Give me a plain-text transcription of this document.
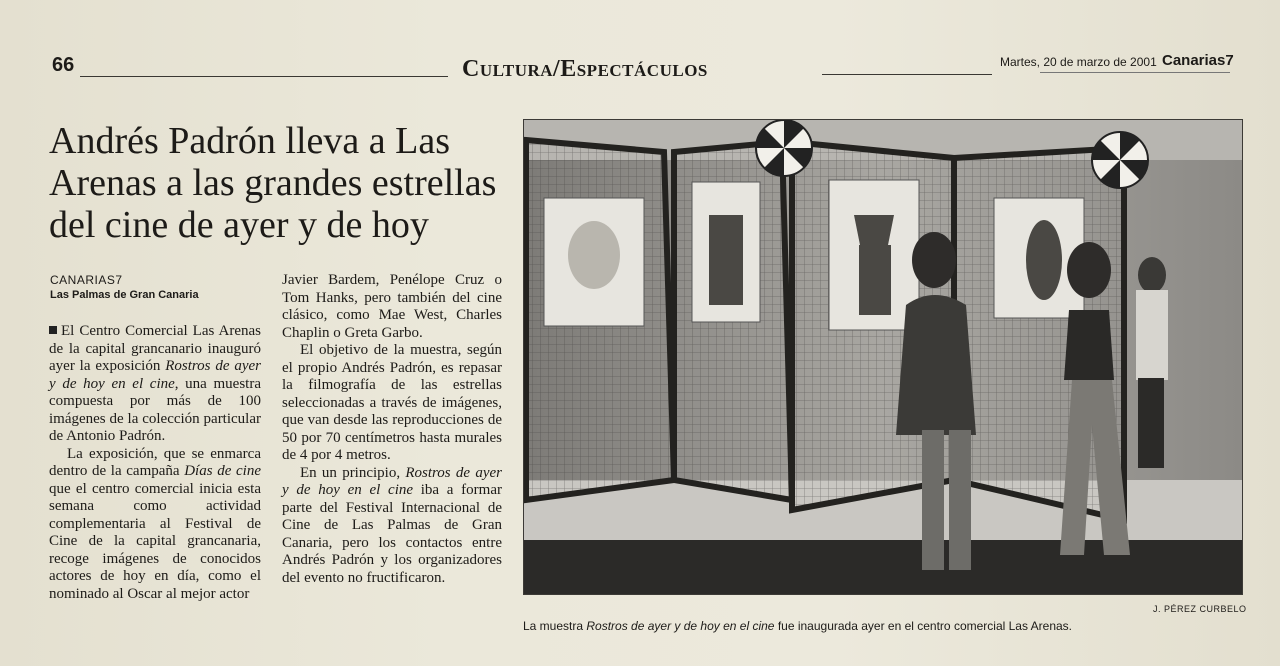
66	Cultura/Espectáculos	Martes, 20 de marzo de 2001 Canarias7
Andrés Padrón lleva a Las Arenas a las grandes estrellas del cine de ayer y de hoy
CANARIAS7
Las Palmas de Gran Canaria

El Centro Comercial Las Arenas de la capital grancanario inauguró ayer la exposición Rostros de ayer y de hoy en el cine, una muestra compuesta por más de 100 imágenes de la colección particular de Antonio Padrón.

La exposición, que se enmarca dentro de la campaña Días de cine que el centro comercial inicia esta semana como actividad complementaria al Festival de Cine de la capital grancanaria, recoge imágenes de conocidos actores de hoy en día, como el nominado al Oscar al mejor actor

Javier Bardem, Penélope Cruz o Tom Hanks, pero también del cine clásico, como Mae West, Charles Chaplin o Greta Garbo.

El objetivo de la muestra, según el propio Andrés Padrón, es repasar la filmografía de las estrellas seleccionadas a través de imágenes, que van desde las reproducciones de 50 por 70 centímetros hasta murales de 4 por 4 metros.

En un principio, Rostros de ayer y de hoy en el cine iba a formar parte del Festival Internacional de Cine de Las Palmas de Gran Canaria, pero los contactos entre Andrés Padrón y los organizadores del evento no fructificaron.

J. PÉREZ CURBELO
La muestra Rostros de ayer y de hoy en el cine fue inaugurada ayer en el centro comercial Las Arenas.
